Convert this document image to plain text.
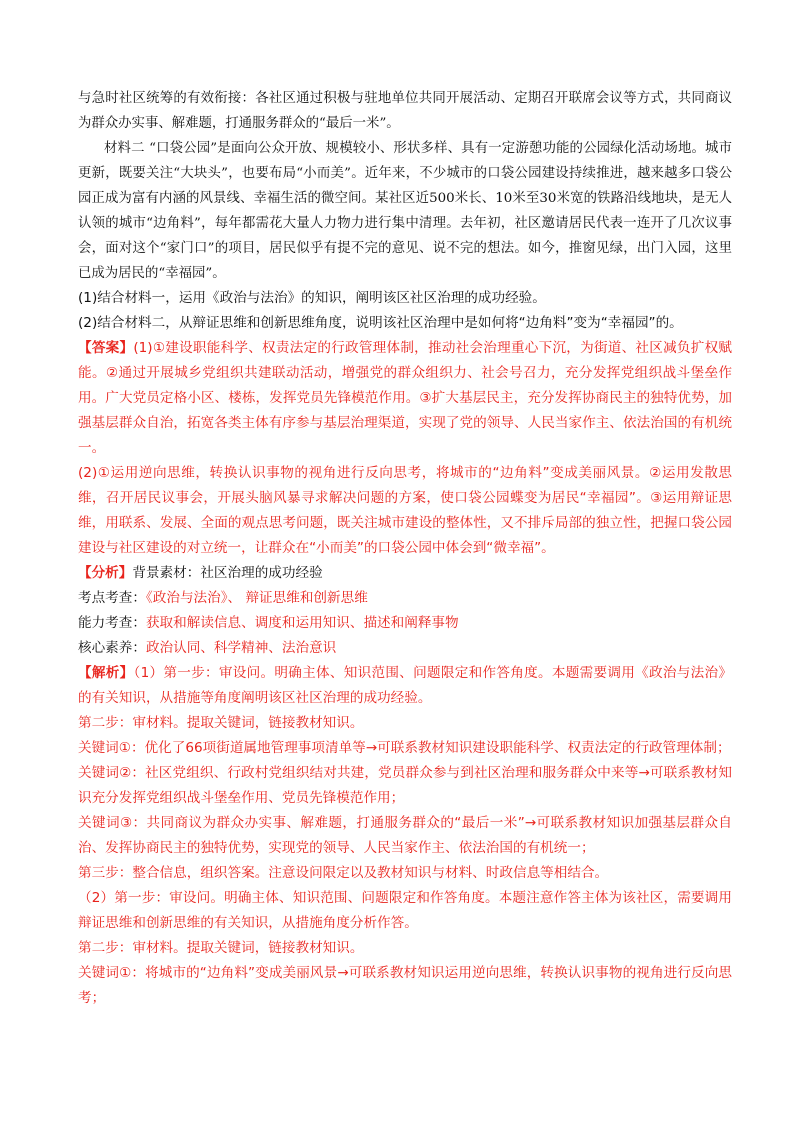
与急时社区统筹的有效衔接：各社区通过积极与驻地单位共同开展活动、定期召开联席会议等方式，共同商议为群众办实事、解难题，打通服务群众的“最后一米”。

材料二 “口袋公园”是面向公众开放、规模较小、形状多样、具有一定游憩功能的公园绿化活动场地。城市更新，既要关注“大块头”，也要布局“小而美”。近年来，不少城市的口袋公园建设持续推进，越来越多口袋公园正成为富有内涵的风景线、幸福生活的微空间。某社区近500米长、10米至30米宽的铁路沿线地块，是无人认领的城市“边角料”，每年都需花大量人力物力进行集中清理。去年初，社区邀请居民代表一连开了几次议事会，面对这个“家门口”的项目，居民似乎有提不完的意见、说不完的想法。如今，推窗见绿，出门入园，这里已成为居民的“幸福园”。

(1)结合材料一，运用《政治与法治》的知识，阐明该区社区治理的成功经验。

(2)结合材料二，从辩证思维和创新思维角度，说明该社区治理中是如何将“边角料”变为“幸福园”的。

【答案】(1)①建设职能科学、权责法定的行政管理体制，推动社会治理重心下沉，为街道、社区减负扩权赋能。②通过开展城乡党组织共建联动活动，增强党的群众组织力、社会号召力，充分发挥党组织战斗堡垒作用。广大党员定格小区、楼栋，发挥党员先锋模范作用。③扩大基层民主，充分发挥协商民主的独特优势，加强基层群众自治，拓宽各类主体有序参与基层治理渠道，实现了党的领导、人民当家作主、依法治国的有机统一。

(2)①运用逆向思维，转换认识事物的视角进行反向思考，将城市的“边角料”变成美丽风景。②运用发散思维，召开居民议事会，开展头脑风暴寻求解决问题的方案，使口袋公园蝶变为居民“幸福园”。③运用辩证思维，用联系、发展、全面的观点思考问题，既关注城市建设的整体性，又不排斥局部的独立性，把握口袋公园建设与社区建设的对立统一，让群众在“小而美”的口袋公园中体会到“微幸福”。

【分析】背景素材：社区治理的成功经验

考点考查：《政治与法治》、 辩证思维和创新思维

能力考查：获取和解读信息、调度和运用知识、描述和阐释事物

核心素养：政治认同、科学精神、法治意识

【解析】（1）第一步：审设问。明确主体、知识范围、问题限定和作答角度。本题需要调用《政治与法治》的有关知识，从措施等角度阐明该区社区治理的成功经验。

第二步：审材料。提取关键词，链接教材知识。

关键词①：优化了66项街道属地管理事项清单等→可联系教材知识建设职能科学、权责法定的行政管理体制；

关键词②：社区党组织、行政村党组织结对共建，党员群众参与到社区治理和服务群众中来等→可联系教材知识充分发挥党组织战斗堡垒作用、党员先锋模范作用；

关键词③：共同商议为群众办实事、解难题，打通服务群众的“最后一米”→可联系教材知识加强基层群众自治、发挥协商民主的独特优势，实现党的领导、人民当家作主、依法治国的有机统一；

第三步：整合信息，组织答案。注意设问限定以及教材知识与材料、时政信息等相结合。

（2）第一步：审设问。明确主体、知识范围、问题限定和作答角度。本题注意作答主体为该社区，需要调用辩证思维和创新思维的有关知识，从措施角度分析作答。

第二步：审材料。提取关键词，链接教材知识。

关键词①：将城市的“边角料”变成美丽风景→可联系教材知识运用逆向思维，转换认识事物的视角进行反向思考；
